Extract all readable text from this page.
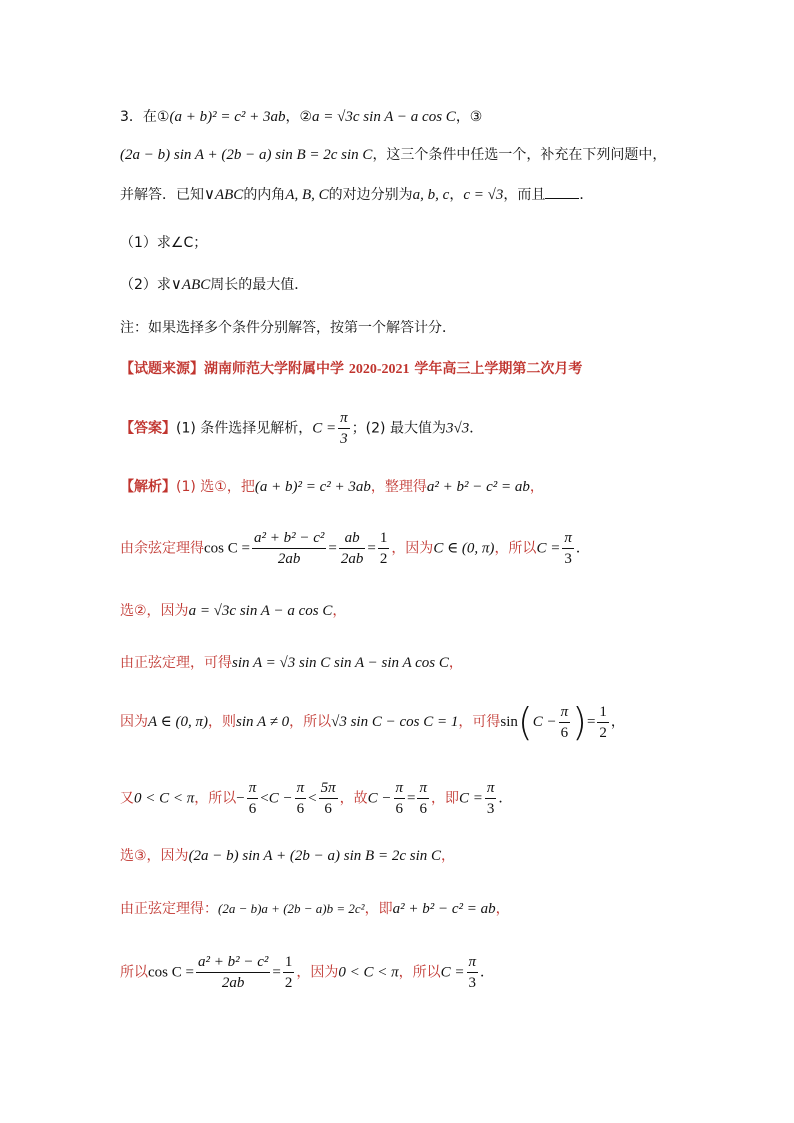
3．在①(a + b)² = c² + 3ab，②a = √3c sin A − a cos C，③
(2a − b) sin A + (2b − a) sin B = 2c sin C，这三个条件中任选一个，补充在下列问题中，
并解答．已知∨ABC的内角A, B, C的对边分别为a, b, c，c = √3，而且 ．
（1）求∠C；
（2）求∨ABC周长的最大值．
注：如果选择多个条件分别解答，按第一个解答计分．
【试题来源】湖南师范大学附属中学 2020-2021 学年高三上学期第二次月考
【答案】(1) 条件选择见解析，$C = \frac{\pi}{3}$ ；(2) 最大值为3√3．
【解析】(1) 选①，把(a + b)² = c² + 3ab，整理得a² + b² − c² = ab，
由余弦定理得$\cos C = \frac{\text{a² + b² − c²}}{2ab} = \frac{ab}{2ab} = \frac{1}{2}$ ，因为C ∈ (0, π)，所以$C = \frac{\pi}{3}$ ．
选②，因为a = √3c sin A − a cos C，
由正弦定理，可得sin A = √3 sin C sin A − sin A cos C，
因为A ∈ (0, π)，则sin A ≠ 0，所以√3 sin C − cos C = 1，可得$\sin(C - \frac{\pi}{6}$ )= $\frac{1}{2}$ ，
又0 < C < π，所以− $\frac{\pi}{6} <C - \frac{\pi}{6} < \frac{5\pi}{6}$ ，故$C - \frac{\pi}{6} = \frac{\pi}{6}$ ，即$C = \frac{\pi}{3}$ ．
选③，因为(2a − b) sin A + (2b − a) sin B = 2c sin C，
由正弦定理得：(2a − b)a + (2b − a)b = 2c²，即a² + b² − c² = ab，
所以$\cos C = \frac{\text{a² + b² − c²}}{2ab} = \frac{1}{2}$ ，因为0 < C < π，所以$C = \frac{\pi}{3}$ ．
